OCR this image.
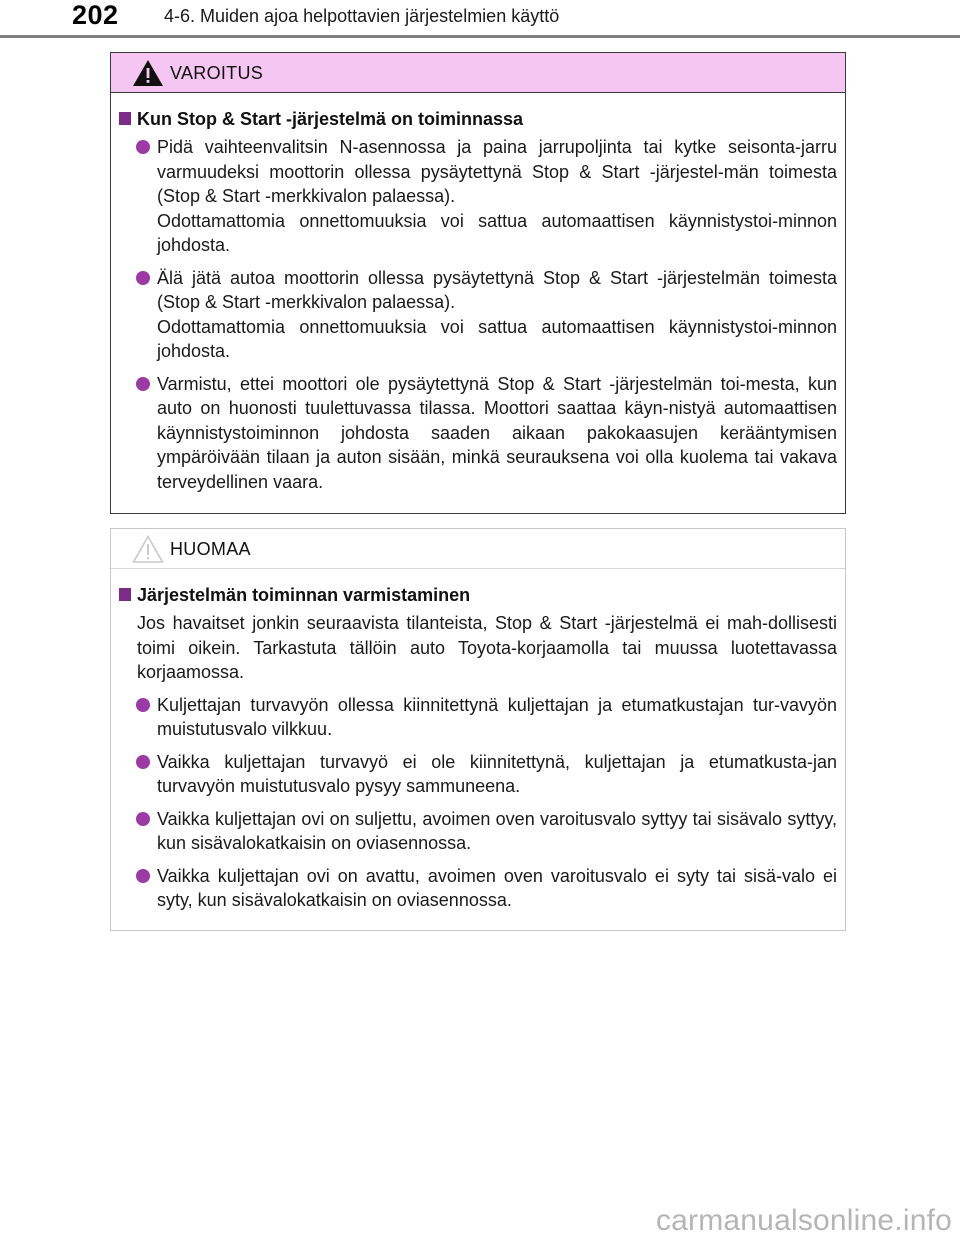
202	4-6. Muiden ajoa helpottavien järjestelmien käyttö
VAROITUS
Kun Stop & Start -järjestelmä on toiminnassa

Pidä vaihteenvalitsin N-asennossa ja paina jarrupoljinta tai kytke seisonta-jarru varmuudeksi moottorin ollessa pysäytettynä Stop & Start -järjestel-män toimesta (Stop & Start -merkkivalon palaessa).

Odottamattomia onnettomuuksia voi sattua automaattisen käynnistystoi-minnon johdosta.

Älä jätä autoa moottorin ollessa pysäytettynä Stop & Start -järjestelmän toimesta (Stop & Start -merkkivalon palaessa).

Odottamattomia onnettomuuksia voi sattua automaattisen käynnistystoi-minnon johdosta.

Varmistu, ettei moottori ole pysäytettynä Stop & Start -järjestelmän toi-mesta, kun auto on huonosti tuulettuvassa tilassa. Moottori saattaa käyn-nistyä automaattisen käynnistystoiminnon johdosta saaden aikaan pakokaasujen kerääntymisen ympäröivään tilaan ja auton sisään, minkä seurauksena voi olla kuolema tai vakava terveydellinen vaara.

HUOMAA
Järjestelmän toiminnan varmistaminen
Jos havaitset jonkin seuraavista tilanteista, Stop & Start -järjestelmä ei mah-dollisesti toimi oikein. Tarkastuta tällöin auto Toyota-korjaamolla tai muussa luotettavassa korjaamossa.

Kuljettajan turvavyön ollessa kiinnitettynä kuljettajan ja etumatkustajan tur-vavyön muistutusvalo vilkkuu.

Vaikka kuljettajan turvavyö ei ole kiinnitettynä, kuljettajan ja etumatkusta-jan turvavyön muistutusvalo pysyy sammuneena.

Vaikka kuljettajan ovi on suljettu, avoimen oven varoitusvalo syttyy tai sisävalo syttyy, kun sisävalokatkaisin on oviasennossa.

Vaikka kuljettajan ovi on avattu, avoimen oven varoitusvalo ei syty tai sisä-valo ei syty, kun sisävalokatkaisin on oviasennossa.

carmanualsonline.info
